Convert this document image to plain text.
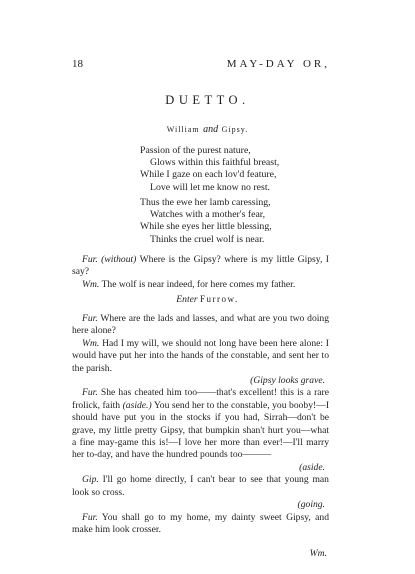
18	MAY-DAY OR,
DUETTO.
William and Gipsy.
Passion of the purest nature,
Glows within this faithful breast,
While I gaze on each lov'd feature,
Love will let me know no rest.
Thus the ewe her lamb caressing,
Watches with a mother's fear,
While she eyes her little blessing,
Thinks the cruel wolf is near.

Fur. (without) Where is the Gipsy? where is my little Gipsy, I say?

Wm. The wolf is near indeed, for here comes my father.

Enter Furrow.

Fur. Where are the lads and lasses, and what are you two doing here alone?

Wm. Had I my will, we should not long have been here alone: I would have put her into the hands of the constable, and sent her to the parish.

(Gipsy looks grave.

Fur. She has cheated him too——that's excellent! this is a rare frolick, faith (aside.) You send her to the constable, you booby!—I should have put you in the stocks if you had, Sirrah—don't be grave, my little pretty Gipsy, that bumpkin shan't hurt you—what a fine may-game this is!—I love her more than ever!—I'll marry her to-day, and have the hundred pounds too———

(aside.

Gip. I'll go home directly, I can't bear to see that young man look so cross.

(going.

Fur. You shall go to my home, my dainty sweet Gipsy, and make him look crosser.

Wm.
